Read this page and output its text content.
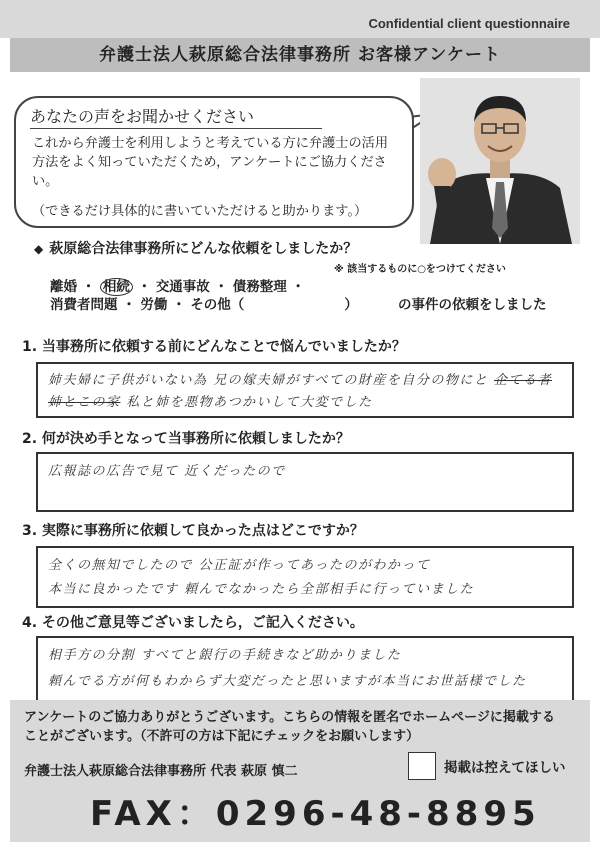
Confidential client questionnaire
弁護士法人萩原総合法律事務所 お客様アンケート
あなたの声をお聞かせください

これから弁護士を利用しようと考えている方に弁護士の活用方法をよく知っていただくため，アンケートにご協力ください。

（できるだけ具体的に書いていただけると助かります。）

◆ 萩原総合法律事務所にどんな依頼をしましたか？
※ 該当するものに○をつけてください
離婚 ・ 相続 ・ 交通事故 ・ 債務整理 ・
消費者問題 ・ 労働 ・ その他（	）	の事件の依頼をしました
1. 当事務所に依頼する前にどんなことで悩んでいましたか？
姉夫婦に子供がいない為 兄の嫁夫婦がすべての財産を自分の物にと 企てる者
姉とこの家 私と姉を悪物あつかいして大変でした
2. 何が決め手となって当事務所に依頼しましたか？
広報誌の広告で見て 近くだったので
3. 実際に事務所に依頼して良かった点はどこですか？
全くの無知でしたので 公正証が作ってあったのがわかって
本当に良かったです 頼んでなかったら全部相手に行っていました
4. その他ご意見等ございましたら，ご記入ください。
相手方の分割 すべてと銀行の手続きなど助かりました
頼んでる方が何もわからず大変だったと思いますが本当にお世話様でした

アンケートのご協力ありがとうございます。こちらの情報を匿名でホームページに掲載することがございます。（不許可の方は下記にチェックをお願いします）

弁護士法人萩原総合法律事務所 代表 萩原 慎二	掲載は控えてほしい
FAX：0296-48-8895
